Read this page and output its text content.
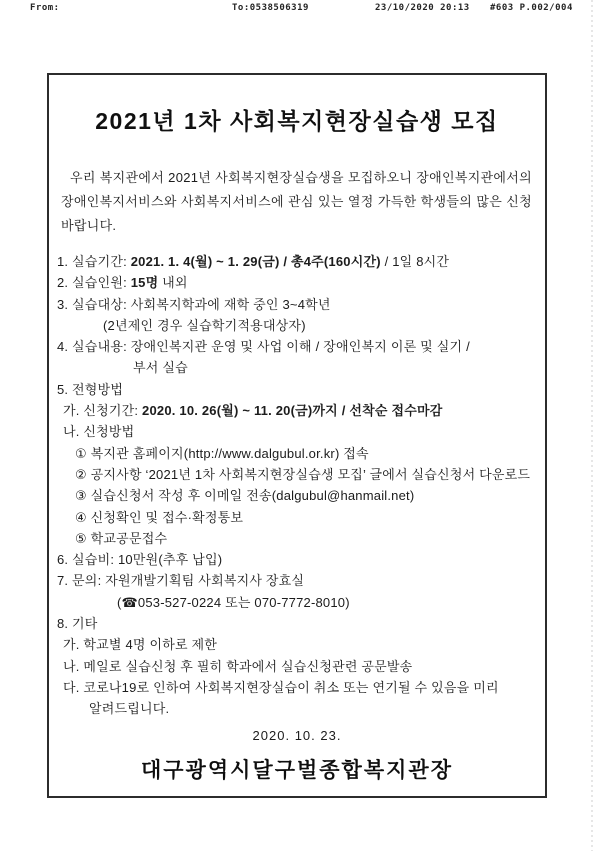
From:	To:0538506319	23/10/2020 20:13 #603 P.002/004
2021년 1차 사회복지현장실습생 모집
우리 복지관에서 2021년 사회복지현장실습생을 모집하오니 장애인복지관에서의 장애인복지서비스와 사회복지서비스에 관심 있는 열정 가득한 학생들의 많은 신청 바랍니다.
1. 실습기간: 2021. 1. 4(월) ~ 1. 29(금) / 총4주(160시간) / 1일 8시간
2. 실습인원: 15명 내외
3. 실습대상: 사회복지학과에 재학 중인 3~4학년
(2년제인 경우 실습학기적용대상자)
4. 실습내용: 장애인복지관 운영 및 사업 이해 / 장애인복지 이론 및 실기 /
부서 실습
5. 전형방법
가. 신청기간: 2020. 10. 26(월) ~ 11. 20(금)까지 / 선착순 접수마감
나. 신청방법
① 복지관 홈페이지(http://www.dalgubul.or.kr) 접속
② 공지사항 ‘2021년 1차 사회복지현장실습생 모집’ 글에서 실습신청서 다운로드
③ 실습신청서 작성 후 이메일 전송(dalgubul@hanmail.net)
④ 신청확인 및 접수·확정통보
⑤ 학교공문접수
6. 실습비: 10만원(추후 납입)
7. 문의: 자원개발기획팀 사회복지사 장효실
(☎053-527-0224 또는 070-7772-8010)
8. 기타
가. 학교별 4명 이하로 제한
나. 메일로 실습신청 후 필히 학과에서 실습신청관련 공문발송
다. 코로나19로 인하여 사회복지현장실습이 취소 또는 연기될 수 있음을 미리
알려드립니다.
2020. 10. 23.
대구광역시달구벌종합복지관장
